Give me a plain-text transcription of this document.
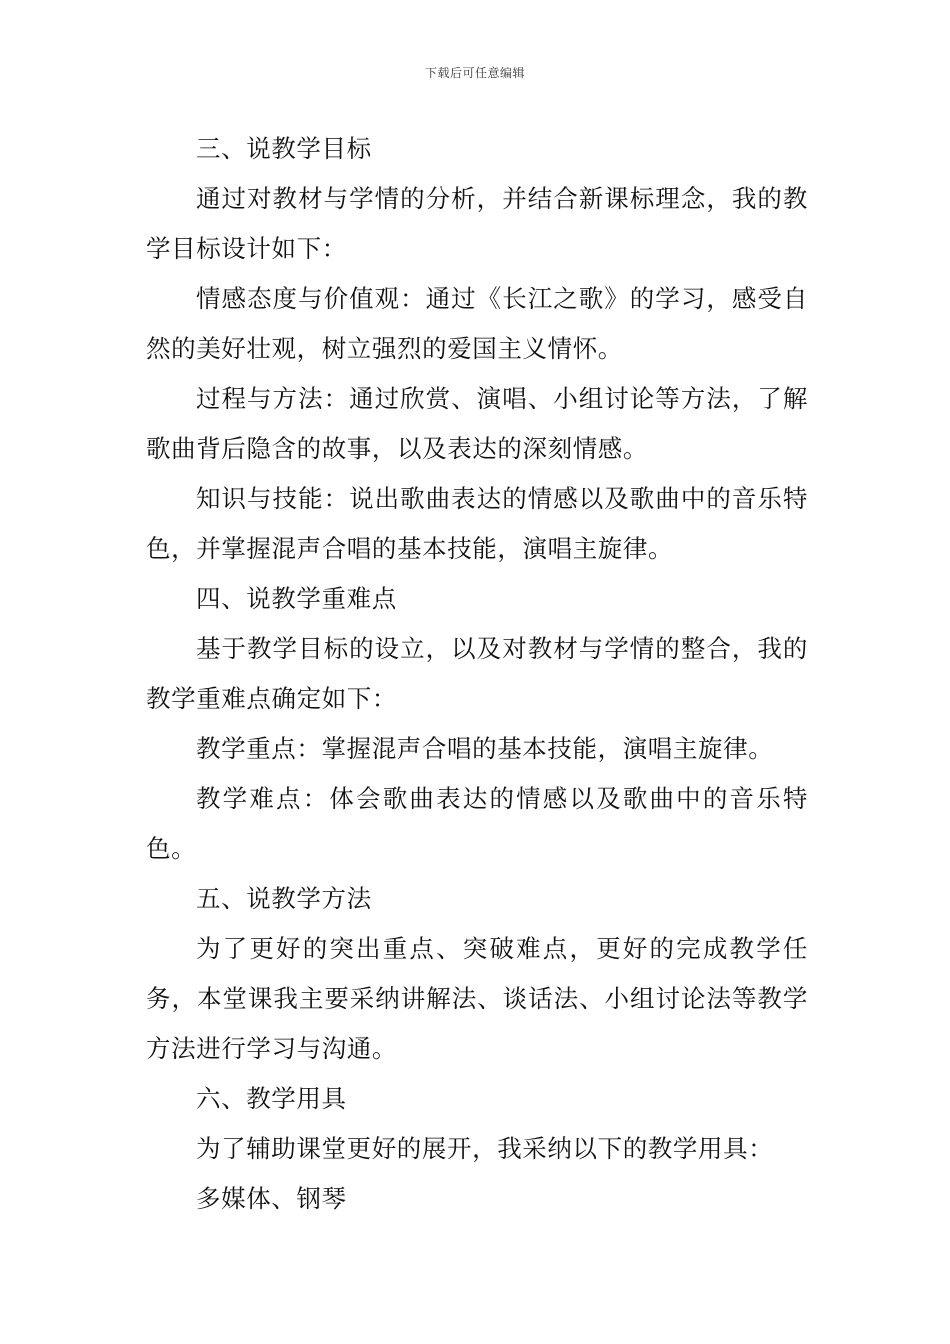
下载后可任意编辑

三、说教学目标

通过对教材与学情的分析，并结合新课标理念，我的教学目标设计如下：

情感态度与价值观：通过《长江之歌》的学习，感受自然的美好壮观，树立强烈的爱国主义情怀。

过程与方法：通过欣赏、演唱、小组讨论等方法，了解歌曲背后隐含的故事，以及表达的深刻情感。

知识与技能：说出歌曲表达的情感以及歌曲中的音乐特色，并掌握混声合唱的基本技能，演唱主旋律。

四、说教学重难点

基于教学目标的设立，以及对教材与学情的整合，我的教学重难点确定如下：

教学重点：掌握混声合唱的基本技能，演唱主旋律。

教学难点：体会歌曲表达的情感以及歌曲中的音乐特色。

五、说教学方法

为了更好的突出重点、突破难点，更好的完成教学任务，本堂课我主要采纳讲解法、谈话法、小组讨论法等教学方法进行学习与沟通。

六、教学用具

为了辅助课堂更好的展开，我采纳以下的教学用具：

多媒体、钢琴
